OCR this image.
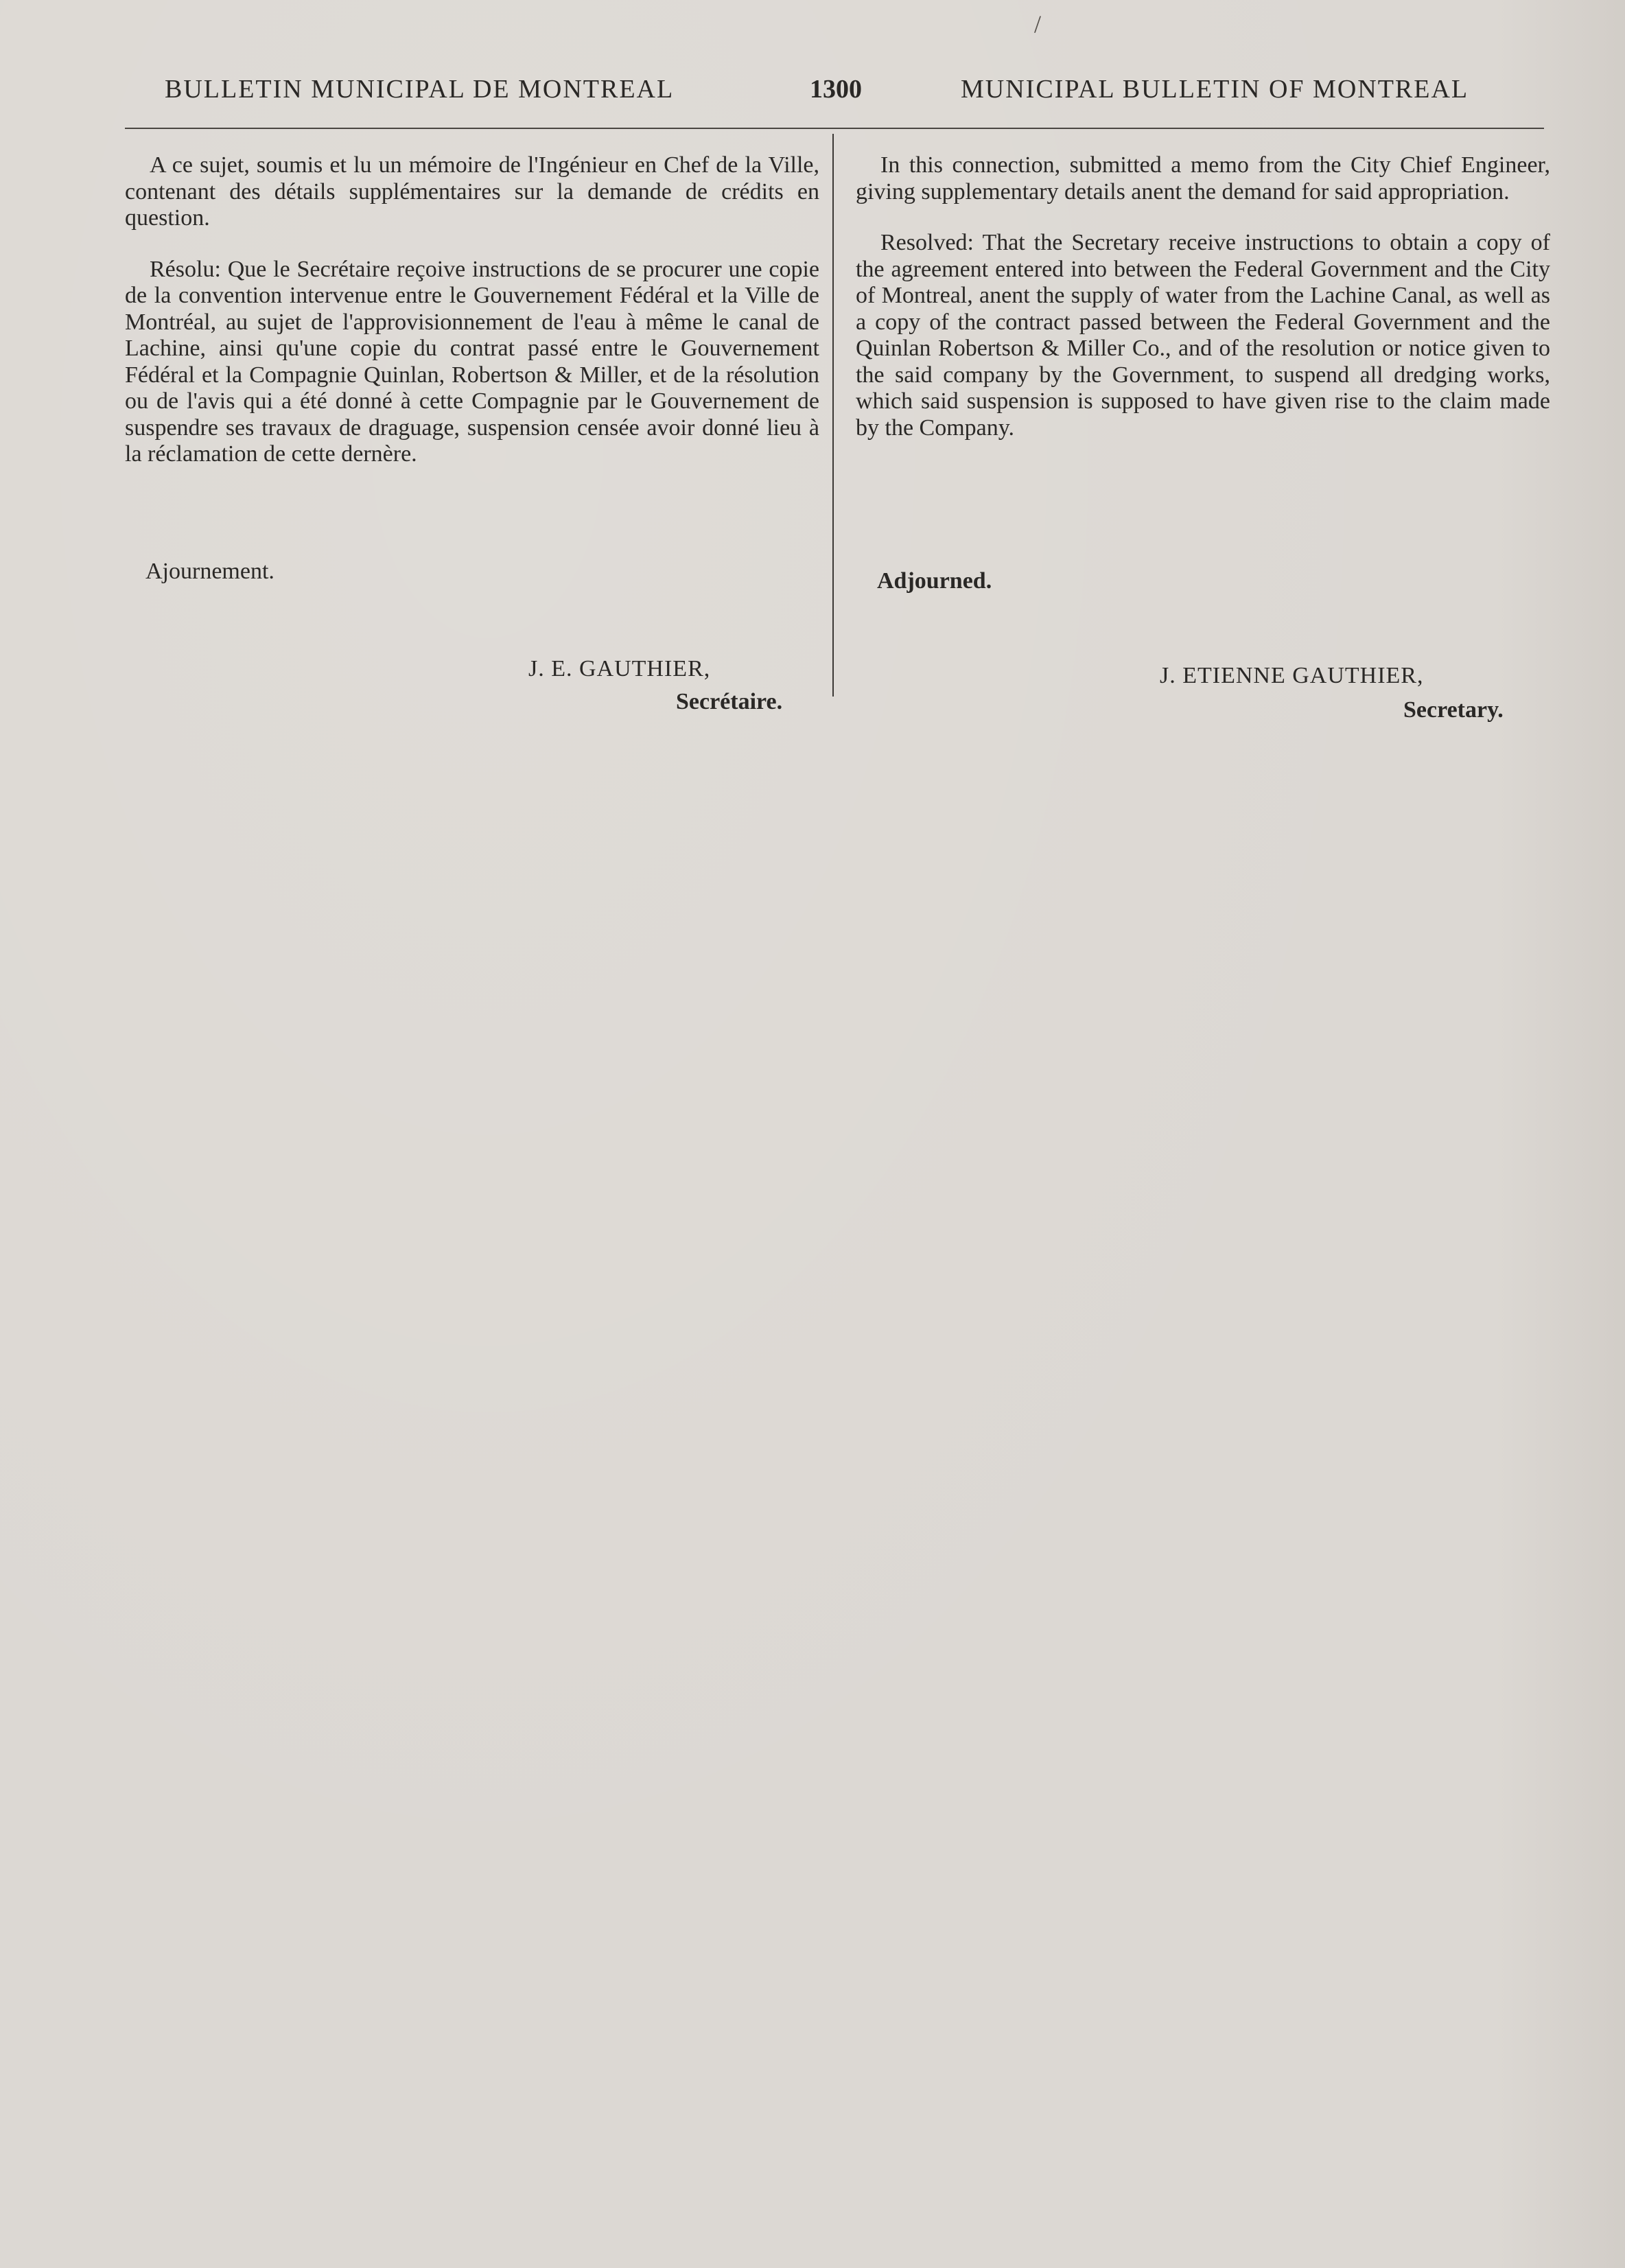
/
BULLETIN MUNICIPAL DE MONTREAL	1300	MUNICIPAL BULLETIN OF MONTREAL

A ce sujet, soumis et lu un mémoire de l'Ingénieur en Chef de la Ville, contenant des détails supplémentaires sur la demande de crédits en question.

Résolu: Que le Secrétaire reçoive instructions de se procurer une copie de la convention intervenue entre le Gouvernement Fédéral et la Ville de Montréal, au sujet de l'approvisionnement de l'eau à même le canal de Lachine, ainsi qu'une copie du contrat passé entre le Gouvernement Fédéral et la Compagnie Quinlan, Robertson & Miller, et de la résolution ou de l'avis qui a été donné à cette Compagnie par le Gouvernement de suspendre ses travaux de draguage, suspension censée avoir donné lieu à la réclamation de cette dernère.

In this connection, submitted a memo from the City Chief Engineer, giving supplementary details anent the demand for said appropriation.

Resolved: That the Secretary receive instructions to obtain a copy of the agreement entered into between the Federal Government and the City of Montreal, anent the supply of water from the Lachine Canal, as well as a copy of the contract passed between the Federal Government and the Quinlan Robertson & Miller Co., and of the resolution or notice given to the said company by the Government, to suspend all dredging works, which said suspension is supposed to have given rise to the claim made by the Company.

Ajournement.	Adjourned.
J. E. GAUTHIER,
Secrétaire.
J. ETIENNE GAUTHIER,
Secretary.
